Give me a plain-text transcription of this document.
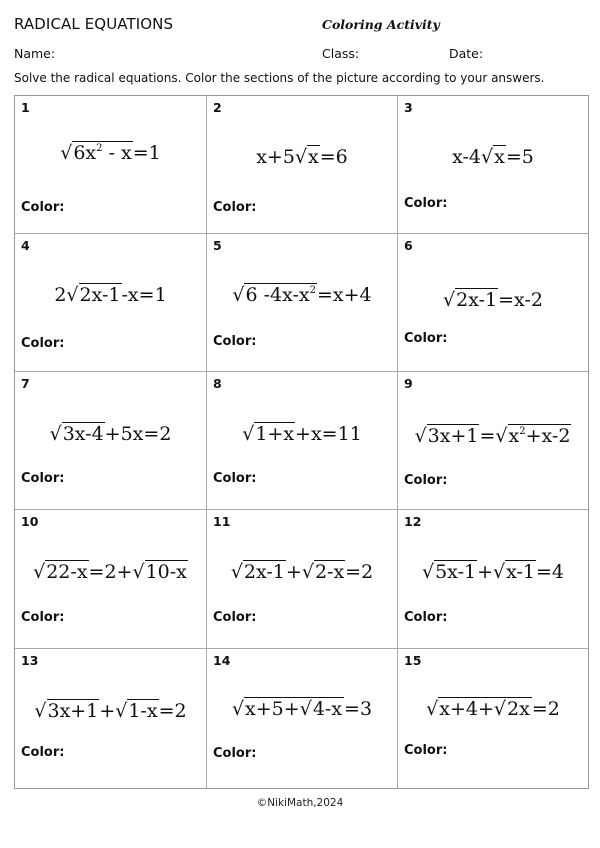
RADICAL EQUATIONS	Coloring Activity
Name:	Class:	Date:
Solve the radical equations. Color the sections of the picture according to your answers.
1
$√6x^2 - x=1$
Color:
2
x+5√x=6
Color:
3
x-4√x=5
Color:
4
2√2x-1-x=1
Color:
5
√6 $-4x-x^2=x+4$
Color:
6
√2x-1=x-2
Color:
7
√3x-4+5x=2
Color:
8
√1+x+x=11
Color:
9
$√3x+1=√x^2+x-2$
Color:
10
√22-x=2+√10-x
Color:
11
√2x-1+√2-x=2
Color:
12
√5x-1+√x-1=4
Color:
13
√3x+1+√1-x=2
Color:
14
√x+5+√4-x =3
Color:
15
√x+4+√2x =2
Color:
©NikiMath,2024
